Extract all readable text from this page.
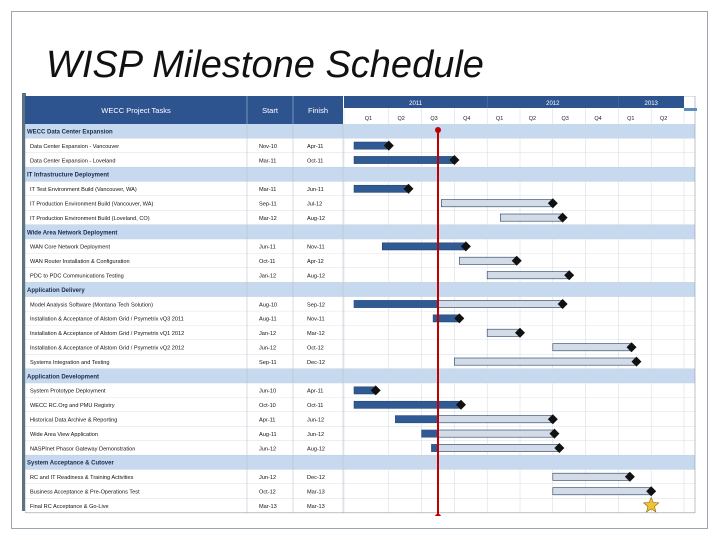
WISP Milestone Schedule
WECC Data Center Expansion
Data Center Expansion - Vancouver	Nov-10	Apr-11
Data Center Expansion - Loveland	Mar-11	Oct-11
IT Infrastructure Deployment
IT Test Environment Build (Vancouver, WA)	Mar-11	Jun-11
IT Production Environment Build (Vancouver, WA)	Sep-11	Jul-12
IT Production Environment Build (Loveland, CO)	Mar-12	Aug-12
Wide Area Network Deployment
WAN Core Network Deployment	Jun-11	Nov-11
WAN Router Installation & Configuration	Oct-11	Apr-12
PDC to PDC Communications Testing	Jan-12	Aug-12
Application Delivery
Model Analysis Software (Montana Tech Solution)	Aug-10	Sep-12
Installation & Acceptance of Alstom Grid / Psymetrix vQ3 2011	Aug-11	Nov-11
Installation & Acceptance of Alstom Grid / Psymetrix vQ1 2012	Jan-12	Mar-12
Installation & Acceptance of Alstom Grid / Psymetrix vQ2 2012	Jun-12	Oct-12
Systems Integration and Testing	Sep-11	Dec-12
Application Development
System Prototype Deployment	Jun-10	Apr-11
WECC RC.Org and PMU Registry	Oct-10	Oct-11
Historical Data Archive & Reporting	Apr-11	Jun-12
Wide Area View Application	Aug-11	Jun-12
NASPInet Phasor Gateway Demonstration	Jun-12	Aug-12
System Acceptance & Cutover
RC and IT Readiness & Training Activities	Jun-12	Dec-12
Business Acceptance & Pre-Operations Test	Oct-12	Mar-13
Final RC Acceptance & Go-Live	Mar-13	Mar-13
WECC Project Tasks	Start	Finish
2011	2012	2013
Q1	Q2	Q3	Q4	Q1	Q2	Q3	Q4	Q1	Q2
